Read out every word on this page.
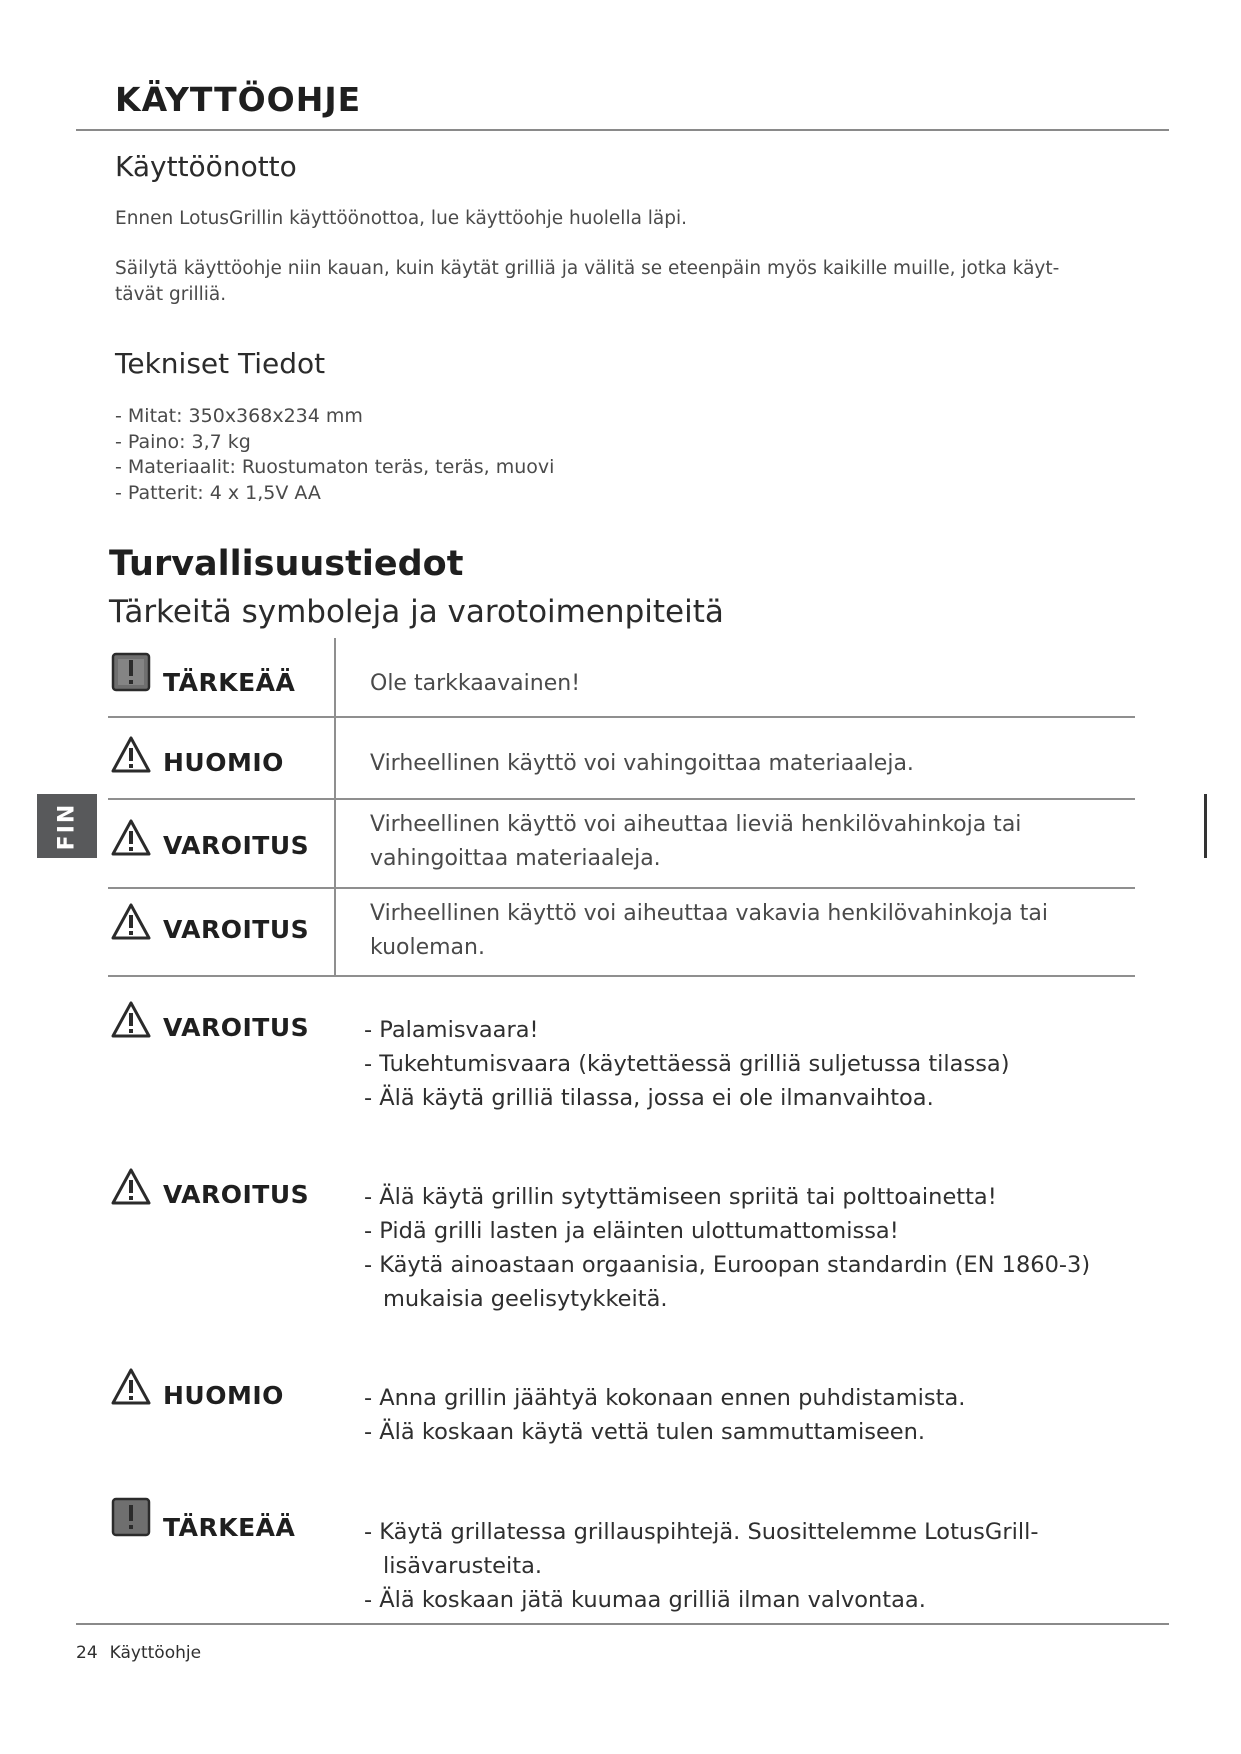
KÄYTTÖOHJE
Käyttöönotto
Ennen LotusGrillin käyttöönottoa, lue käyttöohje huolella läpi.
Säilytä käyttöohje niin kauan, kuin käytät grilliä ja välitä se eteenpäin myös kaikille muille, jotka käyt-
tävät grilliä.
Tekniset Tiedot
- Mitat: 350x368x234 mm
- Paino: 3,7 kg
- Materiaalit: Ruostumaton teräs, teräs, muovi
- Patterit: 4 x 1,5V AA
Turvallisuustiedot
Tärkeitä symboleja ja varotoimenpiteitä
TÄRKEÄÄ	Ole tarkkaavainen!
HUOMIO	Virheellinen käyttö voi vahingoittaa materiaaleja.
VAROITUS
Virheellinen käyttö voi aiheuttaa lieviä henkilövahinkoja tai
vahingoittaa materiaaleja.
VAROITUS
Virheellinen käyttö voi aiheuttaa vakavia henkilövahinkoja tai
kuoleman.
VAROITUS - Palamisvaara!
- Tukehtumisvaara (käytettäessä grilliä suljetussa tilassa)
- Älä käytä grilliä tilassa, jossa ei ole ilmanvaihtoa.
VAROITUS - Älä käytä grillin sytyttämiseen spriitä tai polttoainetta!
- Pidä grilli lasten ja eläinten ulottumattomissa!
- Käytä ainoastaan orgaanisia, Euroopan standardin (EN 1860-3) mukaisia geelisytykkeitä.
HUOMIO	- Anna grillin jäähtyä kokonaan ennen puhdistamista.
- Älä koskaan käytä vettä tulen sammuttamiseen.
TÄRKEÄÄ	- Käytä grillatessa grillauspihtejä. Suosittelemme LotusGrill-lisävarusteita.
- Älä koskaan jätä kuumaa grilliä ilman valvontaa.
FIN
24 Käyttöohje
